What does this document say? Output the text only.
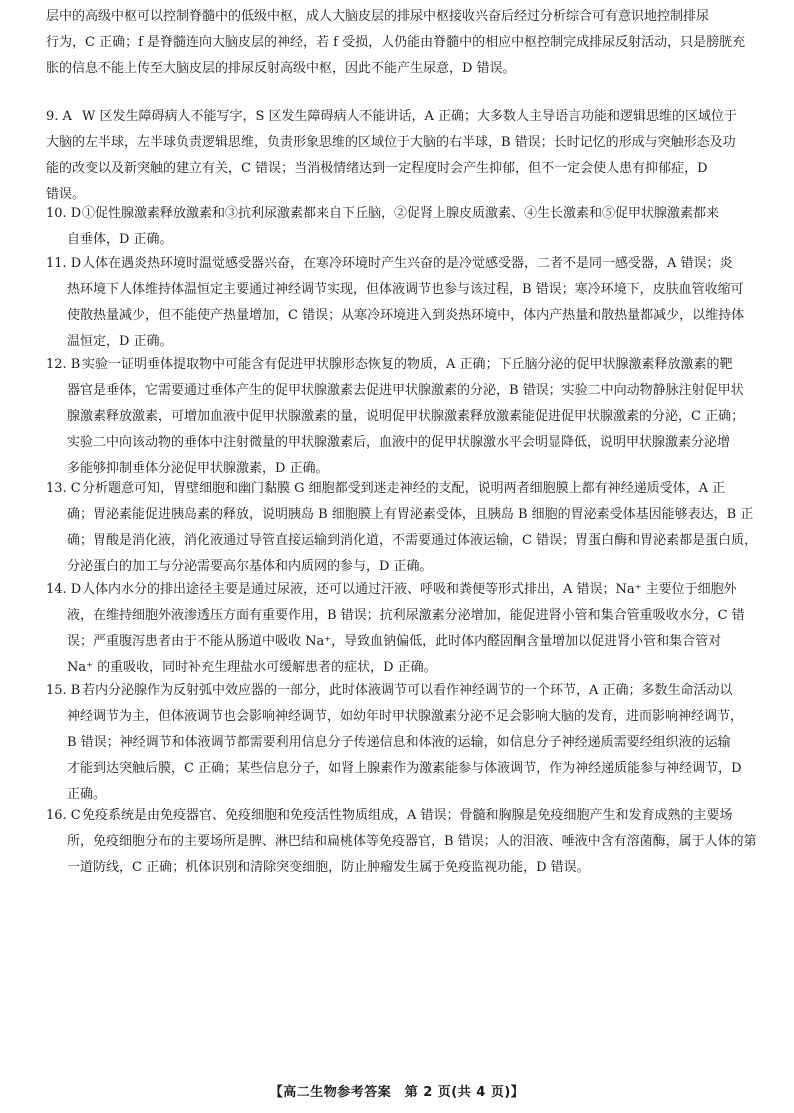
层中的高级中枢可以控制脊髓中的低级中枢，成人大脑皮层的排尿中枢接收兴奋后经过分析综合可有意识地控制排尿
行为，C 正确；f 是脊髓连向大脑皮层的神经，若 f 受损，人仍能由脊髓中的相应中枢控制完成排尿反射活动，只是膀胱充
胀的信息不能上传至大脑皮层的排尿反射高级中枢，因此不能产生尿意，D 错误。
9. A W 区发生障碍病人不能写字，S 区发生障碍病人不能讲话，A 正确；大多数人主导语言功能和逻辑思维的区域位于
大脑的左半球，左半球负责逻辑思维，负责形象思维的区域位于大脑的右半球，B 错误；长时记忆的形成与突触形态及功
能的改变以及新突触的建立有关，C 错误；当消极情绪达到一定程度时会产生抑郁，但不一定会使人患有抑郁症，D
错误。
10. D①促性腺激素释放激素和③抗利尿激素都来自下丘脑，②促肾上腺皮质激素、④生长激素和⑤促甲状腺激素都来
自垂体，D 正确。
11. D人体在遇炎热环境时温觉感受器兴奋，在寒冷环境时产生兴奋的是冷觉感受器，二者不是同一感受器，A 错误；炎
热环境下人体维持体温恒定主要通过神经调节实现，但体液调节也参与该过程，B 错误；寒冷环境下，皮肤血管收缩可
使散热量减少，但不能使产热量增加，C 错误；从寒冷环境进入到炎热环境中，体内产热量和散热量都减少，以维持体
温恒定，D 正确。
12. B 实验一证明垂体提取物中可能含有促进甲状腺形态恢复的物质，A 正确；下丘脑分泌的促甲状腺激素释放激素的靶
器官是垂体，它需要通过垂体产生的促甲状腺激素去促进甲状腺激素的分泌，B 错误；实验二中向动物静脉注射促甲状
腺激素释放激素，可增加血液中促甲状腺激素的量，说明促甲状腺激素释放激素能促进促甲状腺激素的分泌，C 正确；
实验二中向该动物的垂体中注射微量的甲状腺激素后，血液中的促甲状腺激水平会明显降低，说明甲状腺激素分泌增
多能够抑制垂体分泌促甲状腺激素，D 正确。
13. C分析题意可知，胃壁细胞和幽门黏膜 G 细胞都受到迷走神经的支配，说明两者细胞膜上都有神经递质受体，A 正
确；胃泌素能促进胰岛素的释放，说明胰岛 B 细胞膜上有胃泌素受体，且胰岛 B 细胞的胃泌素受体基因能够表达，B 正
确；胃酸是消化液，消化液通过导管直接运输到消化道，不需要通过体液运输，C 错误；胃蛋白酶和胃泌素都是蛋白质，
分泌蛋白的加工与分泌需要高尔基体和内质网的参与，D 正确。
14. D人体内水分的排出途径主要是通过尿液，还可以通过汗液、呼吸和粪便等形式排出，A 错误；Na⁺ 主要位于细胞外
液，在维持细胞外液渗透压方面有重要作用，B 错误；抗利尿激素分泌增加，能促进肾小管和集合管重吸收水分，C 错
误；严重腹泻患者由于不能从肠道中吸收 Na⁺，导致血钠偏低，此时体内醛固酮含量增加以促进肾小管和集合管对
Na⁺ 的重吸收，同时补充生理盐水可缓解患者的症状，D 正确。
15. B 若内分泌腺作为反射弧中效应器的一部分，此时体液调节可以看作神经调节的一个环节，A 正确；多数生命活动以
神经调节为主，但体液调节也会影响神经调节，如幼年时甲状腺激素分泌不足会影响大脑的发育，进而影响神经调节，
B 错误；神经调节和体液调节都需要利用信息分子传递信息和体液的运输，如信息分子神经递质需要经组织液的运输
才能到达突触后膜，C 正确；某些信息分子，如肾上腺素作为激素能参与体液调节，作为神经递质能参与神经调节，D
正确。
16. C免疫系统是由免疫器官、免疫细胞和免疫活性物质组成，A 错误；骨髓和胸腺是免疫细胞产生和发育成熟的主要场
所，免疫细胞分布的主要场所是脾、淋巴结和扁桃体等免疫器官，B 错误；人的泪液、唾液中含有溶菌酶，属于人体的第
一道防线，C 正确；机体识别和清除突变细胞，防止肿瘤发生属于免疫监视功能，D 错误。
【高二生物参考答案　第 2 页(共 4 页)】
